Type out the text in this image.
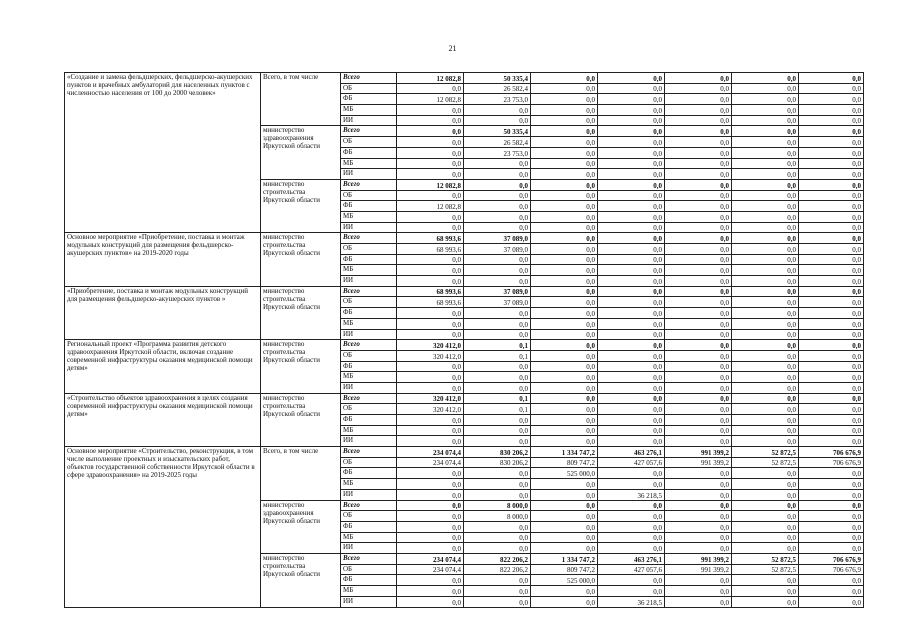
21
«Создание и замена фельдшерских, фельдшерско-акушерских пунктов и врачебных амбулаторий для населенных пунктов с численностью населения от 100 до 2000 человек»	Всего, в том числе	Всего	12 082,8	50 335,4	0,0	0,0	0,0	0,0	0,0
		ОБ	0,0	26 582,4	0,0	0,0	0,0	0,0	0,0
		ФБ	12 082,8	23 753,0	0,0	0,0	0,0	0,0	0,0
		МБ	0,0	0,0	0,0	0,0	0,0	0,0	0,0
		ИИ	0,0	0,0	0,0	0,0	0,0	0,0	0,0
	министерство здравоохранения Иркутской области	Всего	0,0	50 335,4	0,0	0,0	0,0	0,0	0,0
		ОБ	0,0	26 582,4	0,0	0,0	0,0	0,0	0,0
		ФБ	0,0	23 753,0	0,0	0,0	0,0	0,0	0,0
		МБ	0,0	0,0	0,0	0,0	0,0	0,0	0,0
		ИИ	0,0	0,0	0,0	0,0	0,0	0,0	0,0
	министерство строительства Иркутской области	Всего	12 082,8	0,0	0,0	0,0	0,0	0,0	0,0
		ОБ	0,0	0,0	0,0	0,0	0,0	0,0	0,0
		ФБ	12 082,8	0,0	0,0	0,0	0,0	0,0	0,0
		МБ	0,0	0,0	0,0	0,0	0,0	0,0	0,0
		ИИ	0,0	0,0	0,0	0,0	0,0	0,0	0,0
Основное мероприятие «Приобретение, поставка и монтаж модульных конструкций для размещения фельдшерско-акушерских пунктов» на 2019-2020 годы	министерство строительства Иркутской области	Всего	68 993,6	37 089,0	0,0	0,0	0,0	0,0	0,0
		ОБ	68 993,6	37 089,0	0,0	0,0	0,0	0,0	0,0
		ФБ	0,0	0,0	0,0	0,0	0,0	0,0	0,0
		МБ	0,0	0,0	0,0	0,0	0,0	0,0	0,0
		ИИ	0,0	0,0	0,0	0,0	0,0	0,0	0,0
«Приобретение, поставка и монтаж модульных конструкций для размещения фельдшерско-акушерских пунктов »	министерство строительства Иркутской области	Всего	68 993,6	37 089,0	0,0	0,0	0,0	0,0	0,0
		ОБ	68 993,6	37 089,0	0,0	0,0	0,0	0,0	0,0
		ФБ	0,0	0,0	0,0	0,0	0,0	0,0	0,0
		МБ	0,0	0,0	0,0	0,0	0,0	0,0	0,0
		ИИ	0,0	0,0	0,0	0,0	0,0	0,0	0,0
Региональный проект «Программа развития детского здравоохранения Иркутской области, включая создание современной инфраструктуры оказания медицинской помощи детям»	министерство строительства Иркутской области	Всего	320 412,0	0,1	0,0	0,0	0,0	0,0	0,0
		ОБ	320 412,0	0,1	0,0	0,0	0,0	0,0	0,0
		ФБ	0,0	0,0	0,0	0,0	0,0	0,0	0,0
		МБ	0,0	0,0	0,0	0,0	0,0	0,0	0,0
		ИИ	0,0	0,0	0,0	0,0	0,0	0,0	0,0
«Строительство объектов здравоохранения в целях создания современной инфраструктуры оказания медицинской помощи детям»	министерство строительства Иркутской области	Всего	320 412,0	0,1	0,0	0,0	0,0	0,0	0,0
		ОБ	320 412,0	0,1	0,0	0,0	0,0	0,0	0,0
		ФБ	0,0	0,0	0,0	0,0	0,0	0,0	0,0
		МБ	0,0	0,0	0,0	0,0	0,0	0,0	0,0
		ИИ	0,0	0,0	0,0	0,0	0,0	0,0	0,0
Основное мероприятие «Строительство, реконструкция, в том числе выполнение проектных и изыскательских работ, объектов государственной собственности Иркутской области в сфере здравоохранения» на 2019-2025 годы	Всего, в том числе	Всего	234 074,4	830 206,2	1 334 747,2	463 276,1	991 399,2	52 872,5	706 676,9
		ОБ	234 074,4	830 206,2	809 747,2	427 057,6	991 399,2	52 872,5	706 676,9
		ФБ	0,0	0,0	525 000,0	0,0	0,0	0,0	0,0
		МБ	0,0	0,0	0,0	0,0	0,0	0,0	0,0
		ИИ	0,0	0,0	0,0	36 218,5	0,0	0,0	0,0
	министерство здравоохранения Иркутской области	Всего	0,0	8 000,0	0,0	0,0	0,0	0,0	0,0
		ОБ	0,0	8 000,0	0,0	0,0	0,0	0,0	0,0
		ФБ	0,0	0,0	0,0	0,0	0,0	0,0	0,0
		МБ	0,0	0,0	0,0	0,0	0,0	0,0	0,0
		ИИ	0,0	0,0	0,0	0,0	0,0	0,0	0,0
	министерство строительства Иркутской области	Всего	234 074,4	822 206,2	1 334 747,2	463 276,1	991 399,2	52 872,5	706 676,9
		ОБ	234 074,4	822 206,2	809 747,2	427 057,6	991 399,2	52 872,5	706 676,9
		ФБ	0,0	0,0	525 000,0	0,0	0,0	0,0	0,0
		МБ	0,0	0,0	0,0	0,0	0,0	0,0	0,0
		ИИ	0,0	0,0	0,0	36 218,5	0,0	0,0	0,0
